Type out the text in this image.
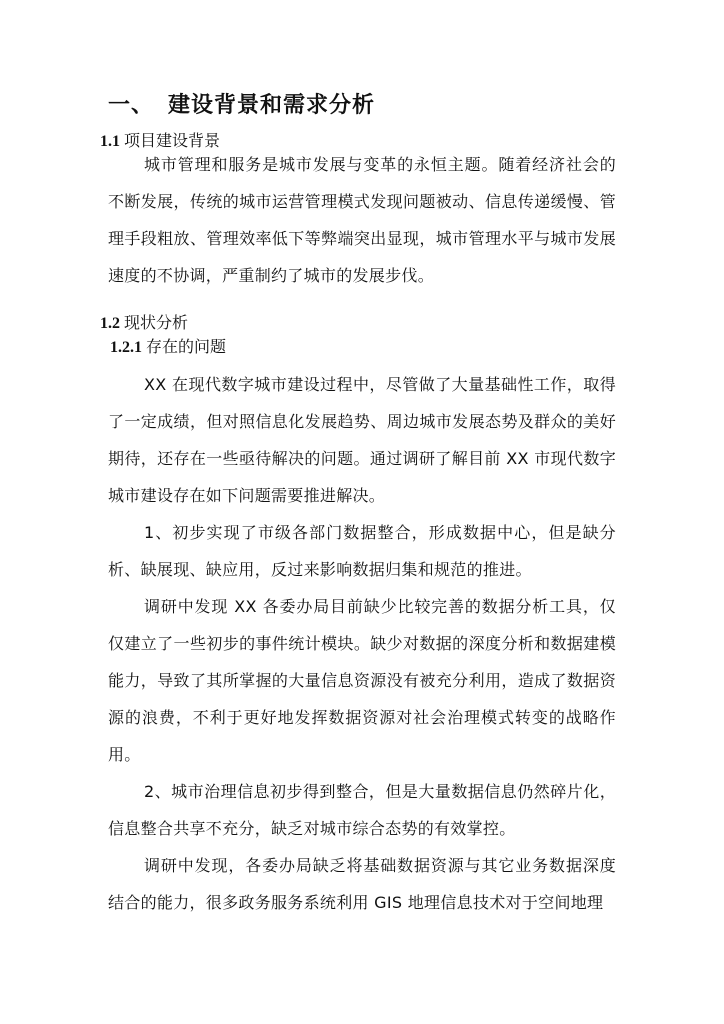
一、 建设背景和需求分析
1.1 项目建设背景

城市管理和服务是城市发展与变革的永恒主题。随着经济社会的不断发展，传统的城市运营管理模式发现问题被动、信息传递缓慢、管理手段粗放、管理效率低下等弊端突出显现，城市管理水平与城市发展速度的不协调，严重制约了城市的发展步伐。

1.2 现状分析
1.2.1 存在的问题

XX 在现代数字城市建设过程中，尽管做了大量基础性工作，取得了一定成绩，但对照信息化发展趋势、周边城市发展态势及群众的美好期待，还存在一些亟待解决的问题。通过调研了解目前 XX 市现代数字城市建设存在如下问题需要推进解决。

1、初步实现了市级各部门数据整合，形成数据中心，但是缺分析、缺展现、缺应用，反过来影响数据归集和规范的推进。

调研中发现 XX 各委办局目前缺少比较完善的数据分析工具，仅仅建立了一些初步的事件统计模块。缺少对数据的深度分析和数据建模能力，导致了其所掌握的大量信息资源没有被充分利用，造成了数据资源的浪费，不利于更好地发挥数据资源对社会治理模式转变的战略作用。

2、城市治理信息初步得到整合，但是大量数据信息仍然碎片化，信息整合共享不充分，缺乏对城市综合态势的有效掌控。

调研中发现，各委办局缺乏将基础数据资源与其它业务数据深度结合的能力，很多政务服务系统利用 GIS 地理信息技术对于空间地理
